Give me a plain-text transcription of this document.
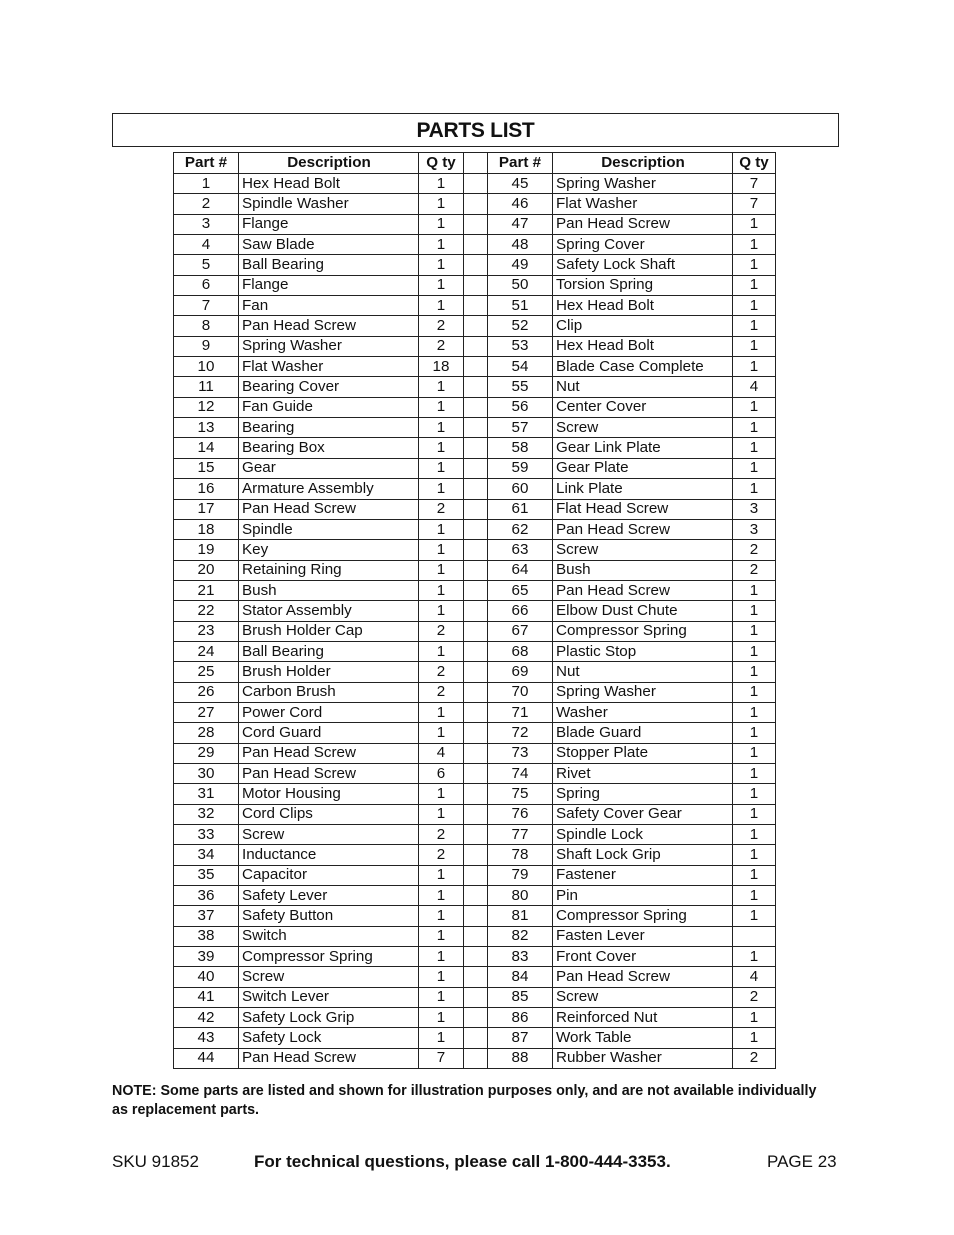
PARTS LIST
Part #	Description	Q ty		Part #	Description	Q ty
1	Hex Head Bolt	1		45	Spring Washer	7
2	Spindle Washer	1		46	Flat Washer	7
3	Flange	1		47	Pan Head Screw	1
4	Saw Blade	1		48	Spring Cover	1
5	Ball Bearing	1		49	Safety Lock Shaft	1
6	Flange	1		50	Torsion Spring	1
7	Fan	1		51	Hex Head Bolt	1
8	Pan Head Screw	2		52	Clip	1
9	Spring Washer	2		53	Hex Head Bolt	1
10	Flat Washer	18		54	Blade Case Complete	1
11	Bearing Cover	1		55	Nut	4
12	Fan Guide	1		56	Center Cover	1
13	Bearing	1		57	Screw	1
14	Bearing Box	1		58	Gear Link Plate	1
15	Gear	1		59	Gear Plate	1
16	Armature Assembly	1		60	Link Plate	1
17	Pan Head Screw	2		61	Flat Head Screw	3
18	Spindle	1		62	Pan Head Screw	3
19	Key	1		63	Screw	2
20	Retaining Ring	1		64	Bush	2
21	Bush	1		65	Pan Head Screw	1
22	Stator Assembly	1		66	Elbow Dust Chute	1
23	Brush Holder Cap	2		67	Compressor Spring	1
24	Ball Bearing	1		68	Plastic Stop	1
25	Brush Holder	2		69	Nut	1
26	Carbon Brush	2		70	Spring Washer	1
27	Power Cord	1		71	Washer	1
28	Cord Guard	1		72	Blade Guard	1
29	Pan Head Screw	4		73	Stopper Plate	1
30	Pan Head Screw	6		74	Rivet	1
31	Motor Housing	1		75	Spring	1
32	Cord Clips	1		76	Safety Cover Gear	1
33	Screw	2		77	Spindle Lock	1
34	Inductance	2		78	Shaft Lock Grip	1
35	Capacitor	1		79	Fastener	1
36	Safety Lever	1		80	Pin	1
37	Safety Button	1		81	Compressor Spring	1
38	Switch	1		82	Fasten Lever	
39	Compressor Spring	1		83	Front Cover	1
40	Screw	1		84	Pan Head Screw	4
41	Switch Lever	1		85	Screw	2
42	Safety Lock Grip	1		86	Reinforced Nut	1
43	Safety Lock	1		87	Work Table	1
44	Pan Head Screw	7		88	Rubber Washer	2
NOTE: Some parts are listed and shown for illustration purposes only, and are not available individually as replacement parts.
SKU 91852	For technical questions, please call 1-800-444-3353.	PAGE 23
